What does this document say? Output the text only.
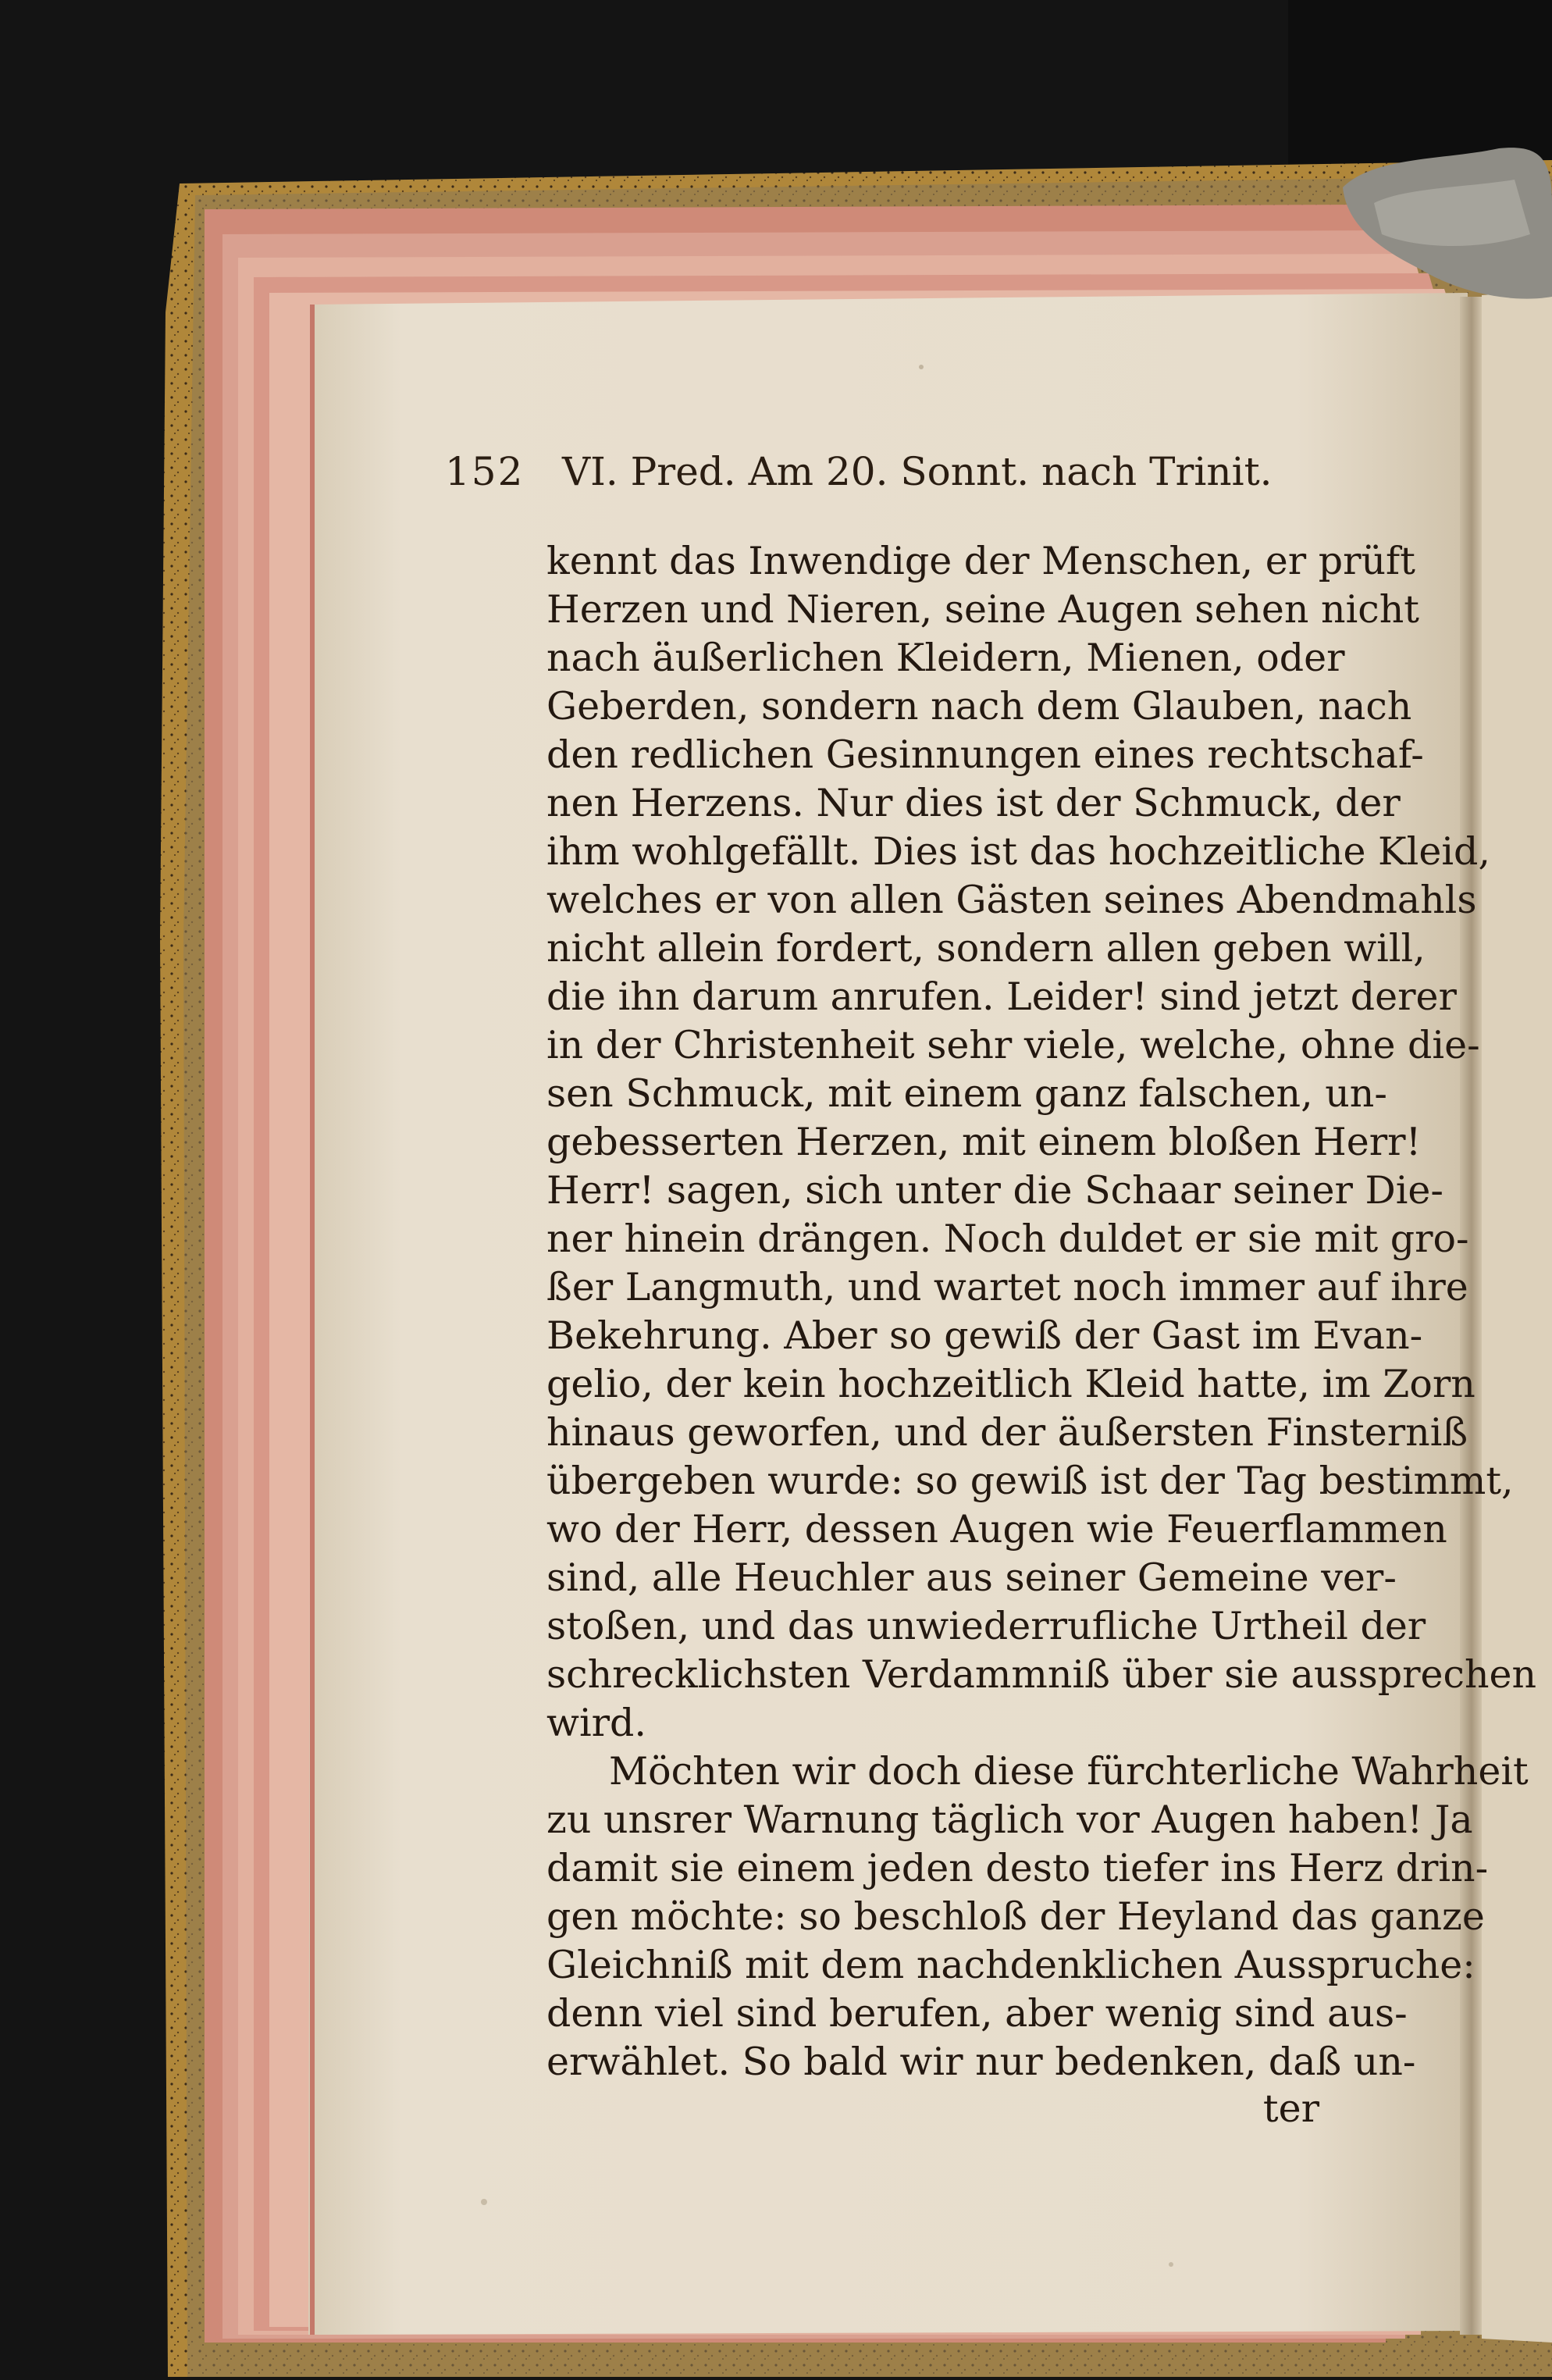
152 VI. Pred. Am 20. Sonnt. nach Trinit.
kennt das Inwendige der Menschen, er prüft
Herzen und Nieren, seine Augen sehen nicht
nach äußerlichen Kleidern, Mienen, oder
Geberden, sondern nach dem Glauben, nach
den redlichen Gesinnungen eines rechtschaf-
nen Herzens. Nur dies ist der Schmuck, der
ihm wohlgefällt. Dies ist das hochzeitliche Kleid,
welches er von allen Gästen seines Abendmahls
nicht allein fordert, sondern allen geben will,
die ihn darum anrufen. Leider! sind jetzt derer
in der Christenheit sehr viele, welche, ohne die-
sen Schmuck, mit einem ganz falschen, un-
gebesserten Herzen, mit einem bloßen Herr!
Herr! sagen, sich unter die Schaar seiner Die-
ner hinein drängen. Noch duldet er sie mit gro-
ßer Langmuth, und wartet noch immer auf ihre
Bekehrung. Aber so gewiß der Gast im Evan-
gelio, der kein hochzeitlich Kleid hatte, im Zorn
hinaus geworfen, und der äußersten Finsterniß
übergeben wurde: so gewiß ist der Tag bestimmt,
wo der Herr, dessen Augen wie Feuerflammen
sind, alle Heuchler aus seiner Gemeine ver-
stoßen, und das unwiederrufliche Urtheil der
schrecklichsten Verdammniß über sie aussprechen
wird.
Möchten wir doch diese fürchterliche Wahrheit
zu unsrer Warnung täglich vor Augen haben! Ja
damit sie einem jeden desto tiefer ins Herz drin-
gen möchte: so beschloß der Heyland das ganze
Gleichniß mit dem nachdenklichen Ausspruche:
denn viel sind berufen, aber wenig sind aus-
erwählet. So bald wir nur bedenken, daß un-
ter
